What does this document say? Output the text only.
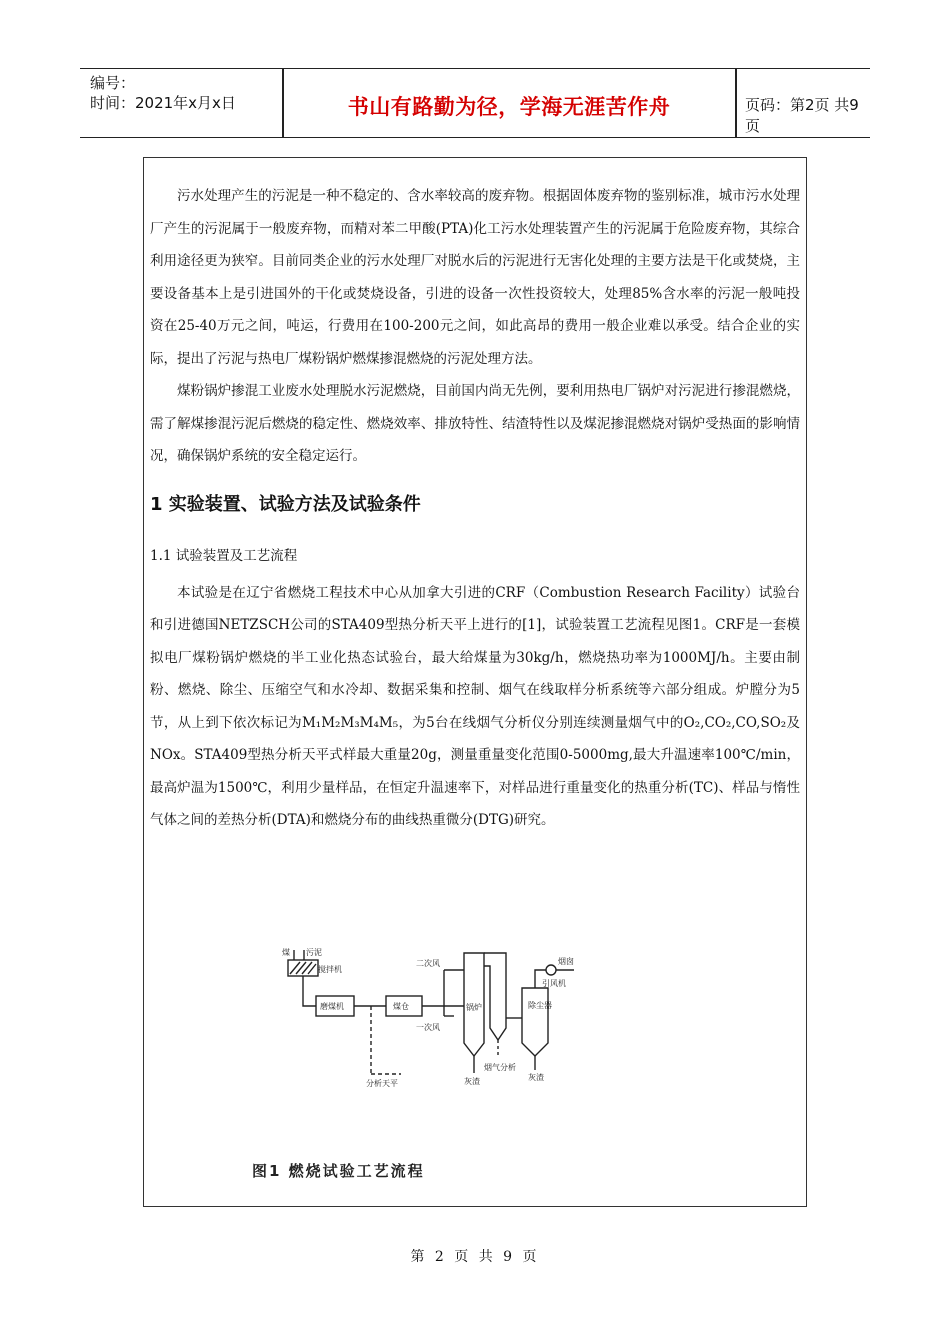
编号：
时间：2021年x月x日	书山有路勤为径，学海无涯苦作舟	页码：第2页 共9页

污水处理产生的污泥是一种不稳定的、含水率较高的废弃物。根据固体废弃物的鉴别标准，城市污水处理厂产生的污泥属于一般废弃物，而精对苯二甲酸(PTA)化工污水处理装置产生的污泥属于危险废弃物，其综合利用途径更为狭窄。目前同类企业的污水处理厂对脱水后的污泥进行无害化处理的主要方法是干化或焚烧，主要设备基本上是引进国外的干化或焚烧设备，引进的设备一次性投资较大，处理85%含水率的污泥一般吨投资在25-40万元之间，吨运，行费用在100-200元之间，如此高昂的费用一般企业难以承受。结合企业的实际，提出了污泥与热电厂煤粉锅炉燃煤掺混燃烧的污泥处理方法。

煤粉锅炉掺混工业废水处理脱水污泥燃烧，目前国内尚无先例，要利用热电厂锅炉对污泥进行掺混燃烧，需了解煤掺混污泥后燃烧的稳定性、燃烧效率、排放特性、结渣特性以及煤泥掺混燃烧对锅炉受热面的影响情况，确保锅炉系统的安全稳定运行。

1 实验装置、试验方法及试验条件
1.1 试验装置及工艺流程

本试验是在辽宁省燃烧工程技术中心从加拿大引进的CRF（Combustion Research Facility）试验台和引进德国NETZSCH公司的STA409型热分析天平上进行的[1]，试验装置工艺流程见图1。CRF是一套模拟电厂煤粉锅炉燃烧的半工业化热态试验台，最大给煤量为30kg/h，燃烧热功率为1000MJ/h。主要由制粉、燃烧、除尘、压缩空气和水冷却、数据采集和控制、烟气在线取样分析系统等六部分组成。炉膛分为5节，从上到下依次标记为M₁M₂M₃M₄M₅，为5台在线烟气分析仪分别连续测量烟气中的O₂,CO₂,CO,SO₂及NOx。STA409型热分析天平式样最大重量20g，测量重量变化范围0-5000mg,最大升温速率100℃/min，最高炉温为1500℃，利用少量样品，在恒定升温速率下，对样品进行重量变化的热重分析(TC)、样品与惰性气体之间的差热分析(DTA)和燃烧分布的曲线热重微分(DTG)研究。

煤 污泥
搅拌机
磨煤机	煤仓
二次风
一次风
锅炉	除尘器
引风机
烟囱
分析天平	灰渣
烟气分析
灰渣
图1 燃烧试验工艺流程
第 2 页 共 9 页
